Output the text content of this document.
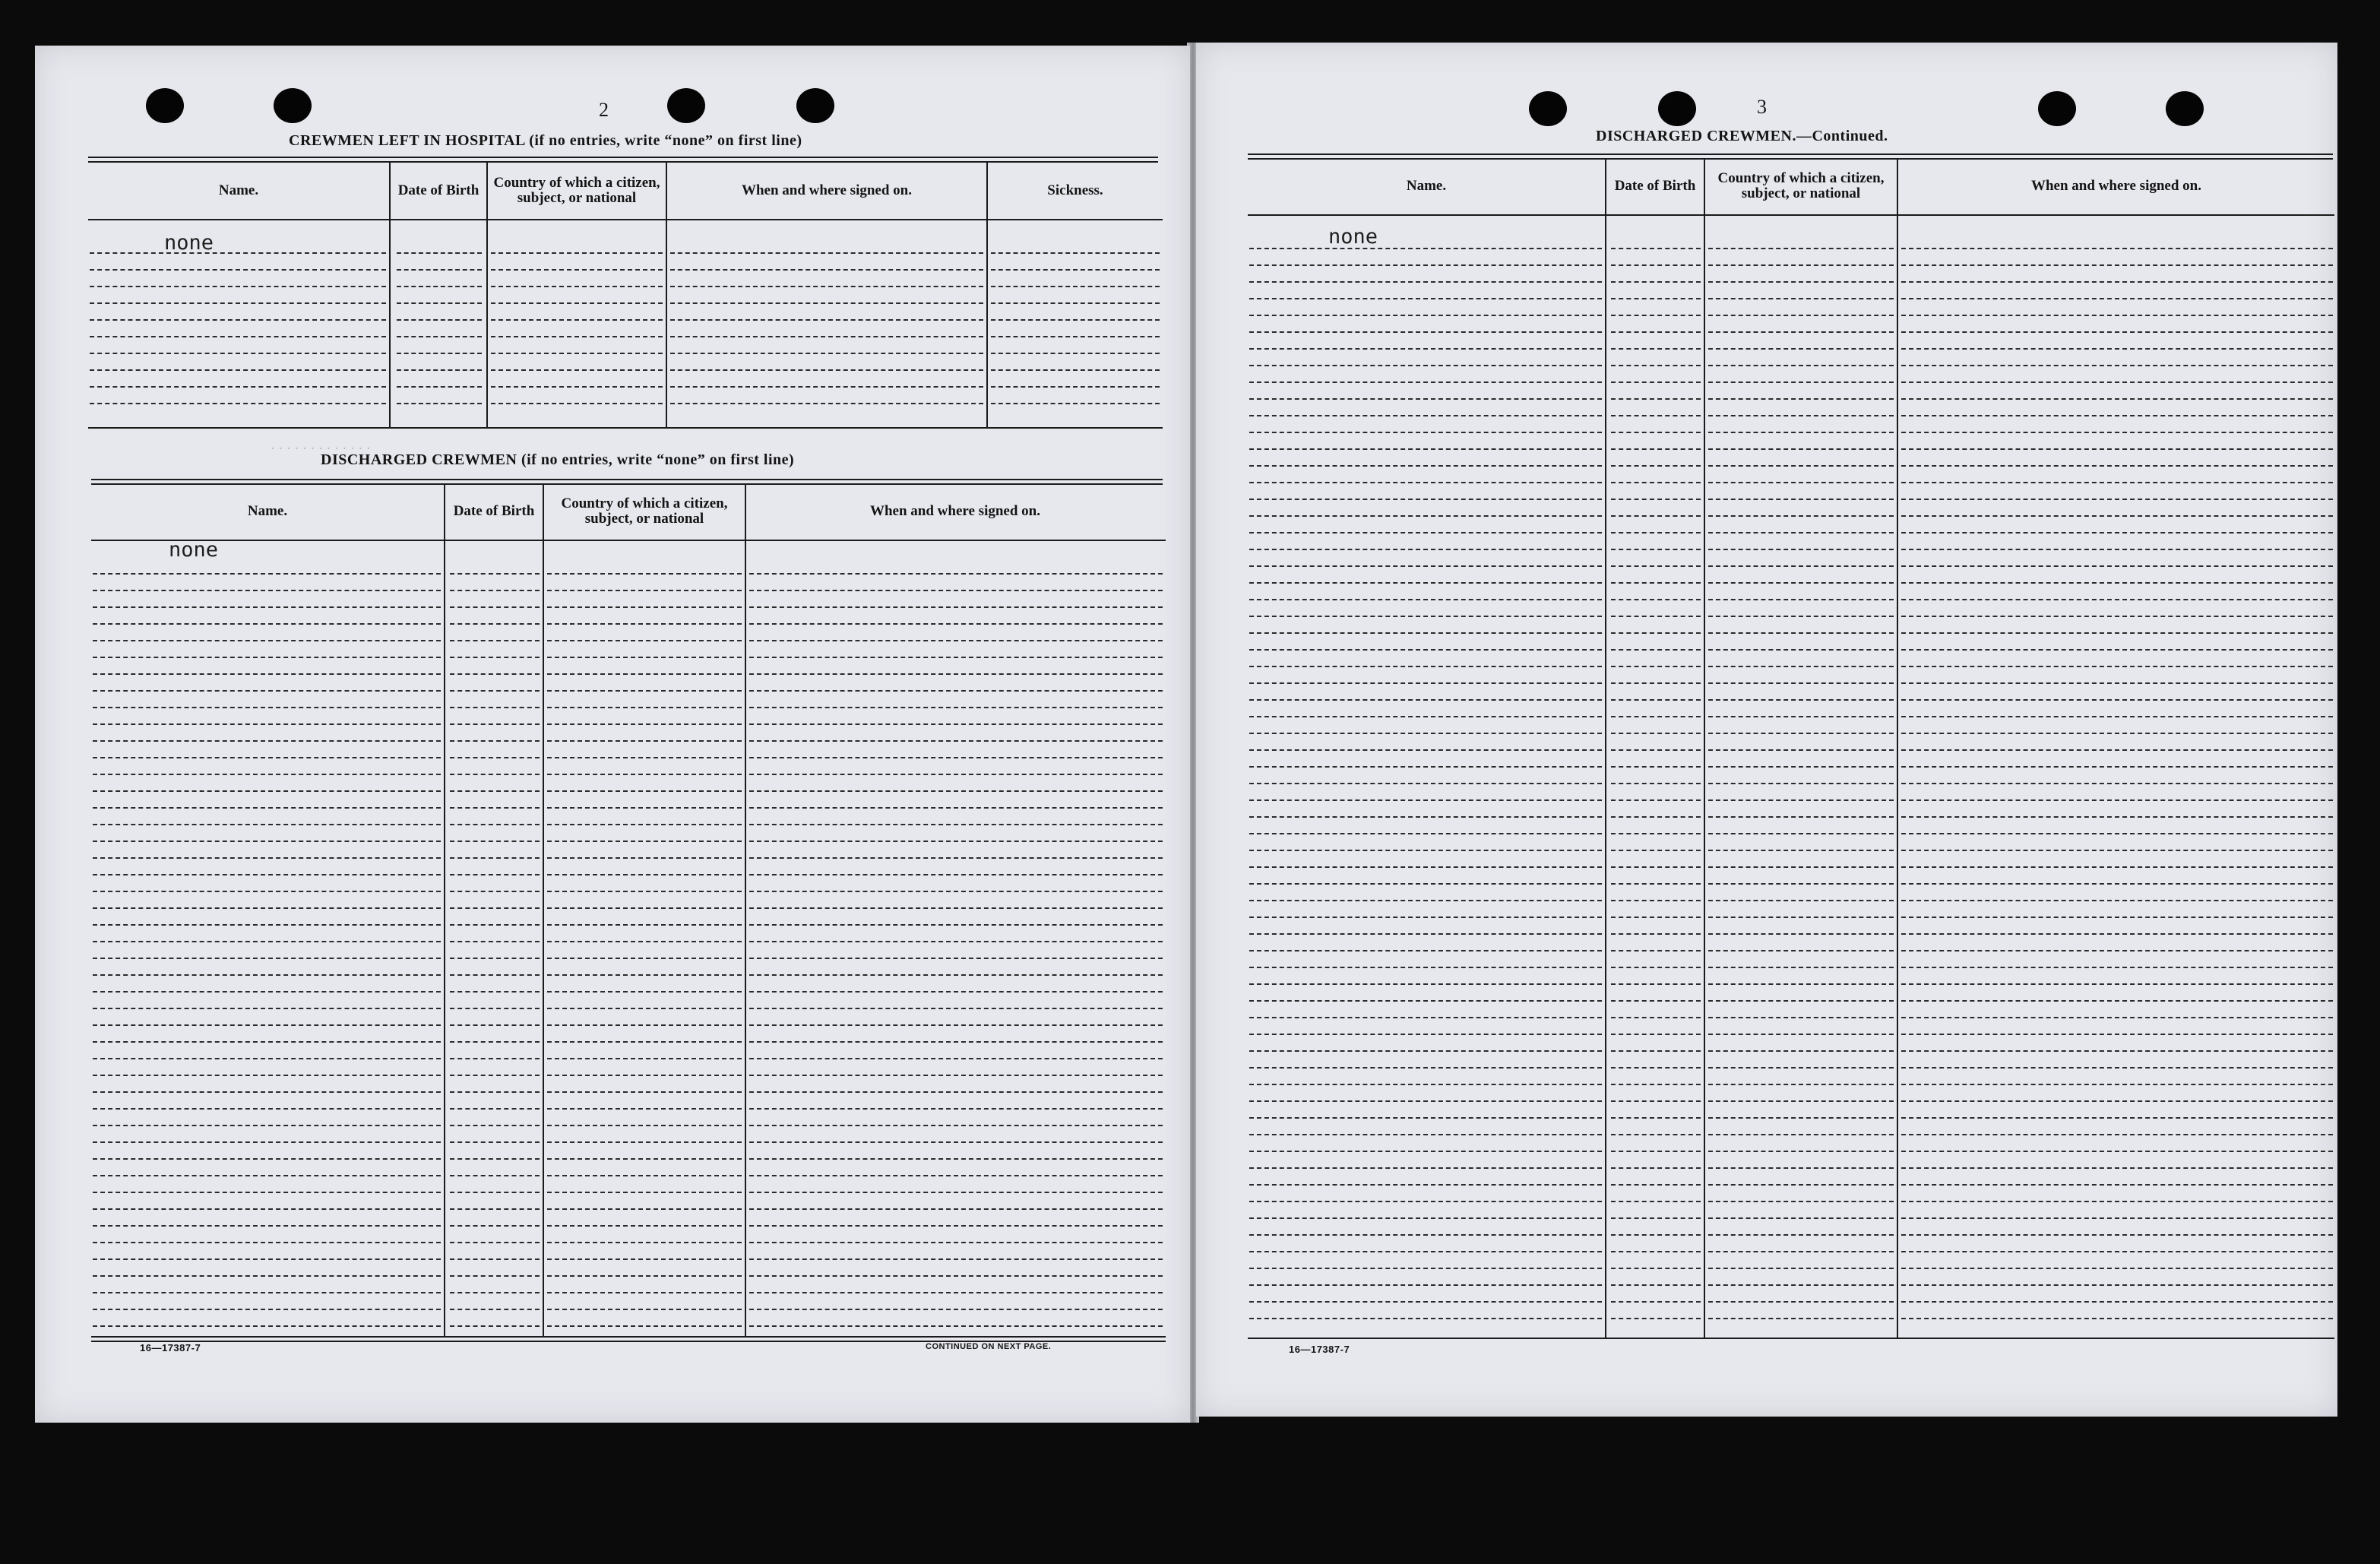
2
CREWMEN LEFT IN HOSPITAL (if no entries, write “none” on first line)
Name.	Date of Birth	Country of which a citizen, subject, or national	When and where signed on.	Sickness.
none
· · · · · · · · · · · · ·
DISCHARGED CREWMEN (if no entries, write “none” on first line)
Name.	Date of Birth	Country of which a citizen, subject, or national	When and where signed on.
none
16—17387-7	CONTINUED ON NEXT PAGE.
3
DISCHARGED CREWMEN.—Continued.
Name.	Date of Birth	Country of which a citizen, subject, or national	When and where signed on.
none
16—17387-7
